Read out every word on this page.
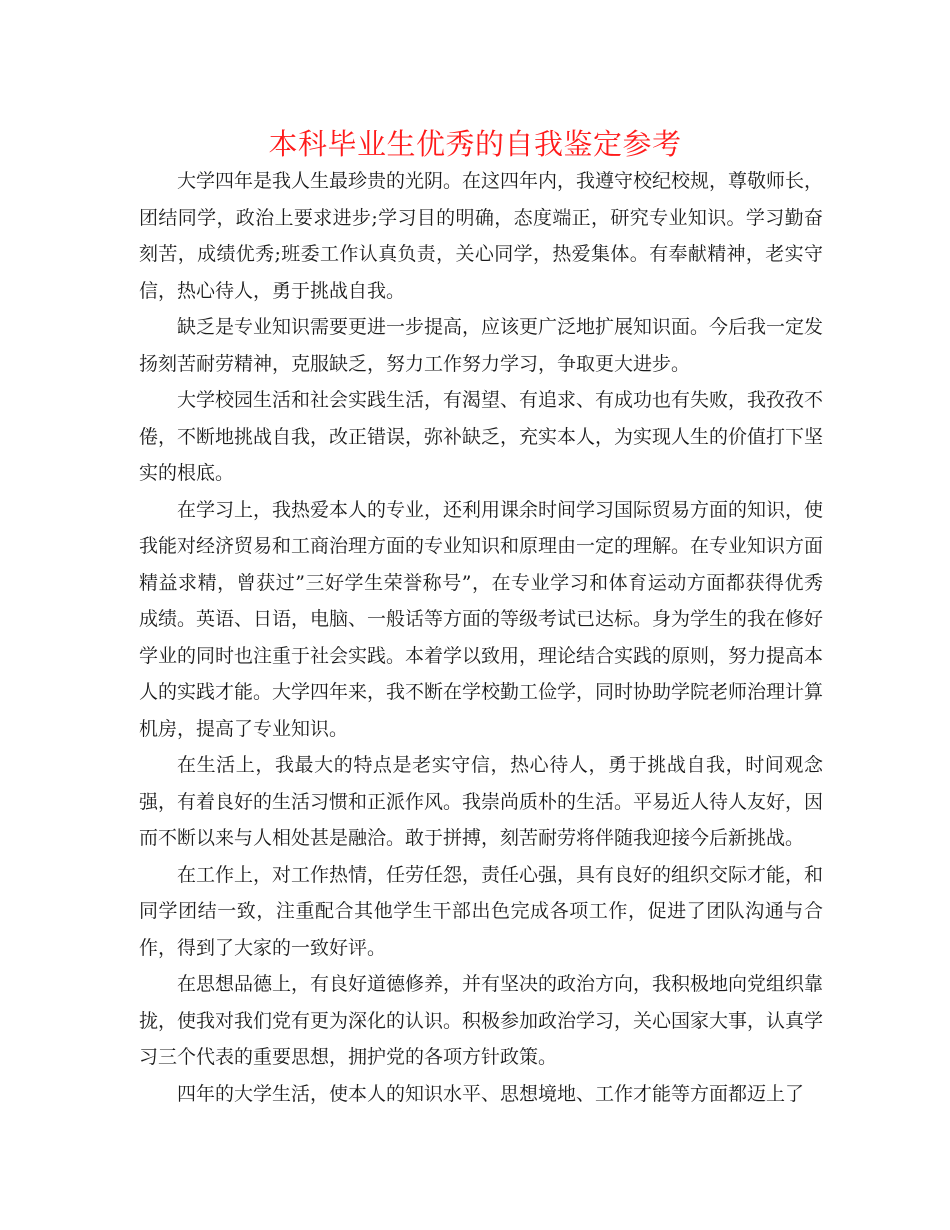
本科毕业生优秀的自我鉴定参考

大学四年是我人生最珍贵的光阴。在这四年内，我遵守校纪校规，尊敬师长，团结同学，政治上要求进步;学习目的明确，态度端正，研究专业知识。学习勤奋刻苦，成绩优秀;班委工作认真负责，关心同学，热爱集体。有奉献精神，老实守信，热心待人，勇于挑战自我。

缺乏是专业知识需要更进一步提高，应该更广泛地扩展知识面。今后我一定发扬刻苦耐劳精神，克服缺乏，努力工作努力学习，争取更大进步。

大学校园生活和社会实践生活，有渴望、有追求、有成功也有失败，我孜孜不倦，不断地挑战自我，改正错误，弥补缺乏，充实本人，为实现人生的价值打下坚实的根底。

在学习上，我热爱本人的专业，还利用课余时间学习国际贸易方面的知识，使我能对经济贸易和工商治理方面的专业知识和原理由一定的理解。在专业知识方面精益求精，曾获过”三好学生荣誉称号”，在专业学习和体育运动方面都获得优秀成绩。英语、日语，电脑、一般话等方面的等级考试已达标。身为学生的我在修好学业的同时也注重于社会实践。本着学以致用，理论结合实践的原则，努力提高本人的实践才能。大学四年来，我不断在学校勤工俭学，同时协助学院老师治理计算机房，提高了专业知识。

在生活上，我最大的特点是老实守信，热心待人，勇于挑战自我，时间观念强，有着良好的生活习惯和正派作风。我崇尚质朴的生活。平易近人待人友好，因而不断以来与人相处甚是融洽。敢于拼搏，刻苦耐劳将伴随我迎接今后新挑战。

在工作上，对工作热情，任劳任怨，责任心强，具有良好的组织交际才能，和同学团结一致，注重配合其他学生干部出色完成各项工作，促进了团队沟通与合作，得到了大家的一致好评。

在思想品德上，有良好道德修养，并有坚决的政治方向，我积极地向党组织靠拢，使我对我们党有更为深化的认识。积极参加政治学习，关心国家大事，认真学习三个代表的重要思想，拥护党的各项方针政策。

四年的大学生活，使本人的知识水平、思想境地、工作才能等方面都迈上了
